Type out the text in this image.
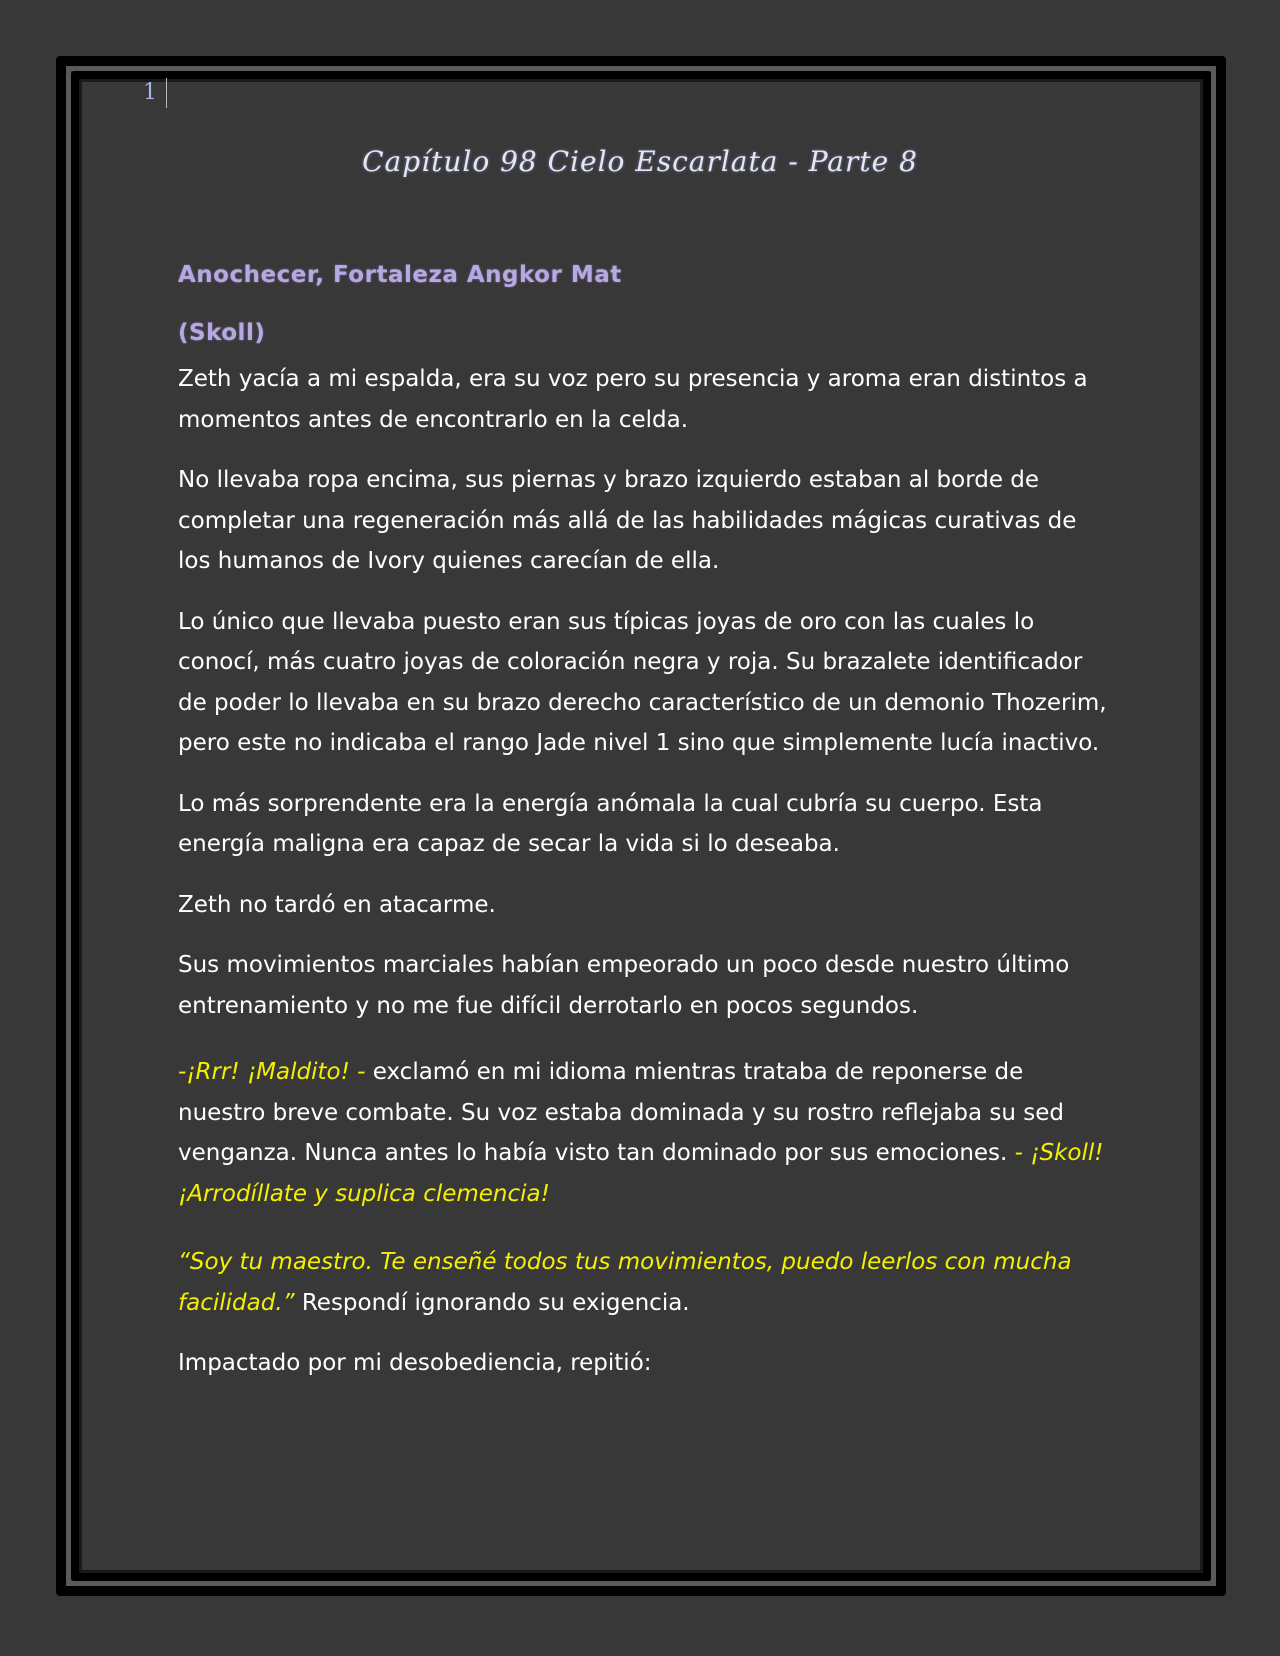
1
Capítulo 98 Cielo Escarlata - Parte 8
Anochecer, Fortaleza Angkor Mat
(Skoll)

Zeth yacía a mi espalda, era su voz pero su presencia y aroma eran distintos a momentos antes de encontrarlo en la celda.

No llevaba ropa encima, sus piernas y brazo izquierdo estaban al borde de completar una regeneración más allá de las habilidades mágicas curativas de los humanos de Ivory quienes carecían de ella.

Lo único que llevaba puesto eran sus típicas joyas de oro con las cuales lo conocí, más cuatro joyas de coloración negra y roja. Su brazalete identificador de poder lo llevaba en su brazo derecho característico de un demonio Thozerim, pero este no indicaba el rango Jade nivel 1 sino que simplemente lucía inactivo.

Lo más sorprendente era la energía anómala la cual cubría su cuerpo. Esta energía maligna era capaz de secar la vida si lo deseaba.

Zeth no tardó en atacarme.

Sus movimientos marciales habían empeorado un poco desde nuestro último entrenamiento y no me fue difícil derrotarlo en pocos segundos.

-¡Rrr! ¡Maldito! - exclamó en mi idioma mientras trataba de reponerse de nuestro breve combate. Su voz estaba dominada y su rostro reflejaba su sed venganza. Nunca antes lo había visto tan dominado por sus emociones. - ¡Skoll! ¡Arrodíllate y suplica clemencia!

“Soy tu maestro. Te enseñé todos tus movimientos, puedo leerlos con mucha facilidad.” Respondí ignorando su exigencia.

Impactado por mi desobediencia, repitió:
